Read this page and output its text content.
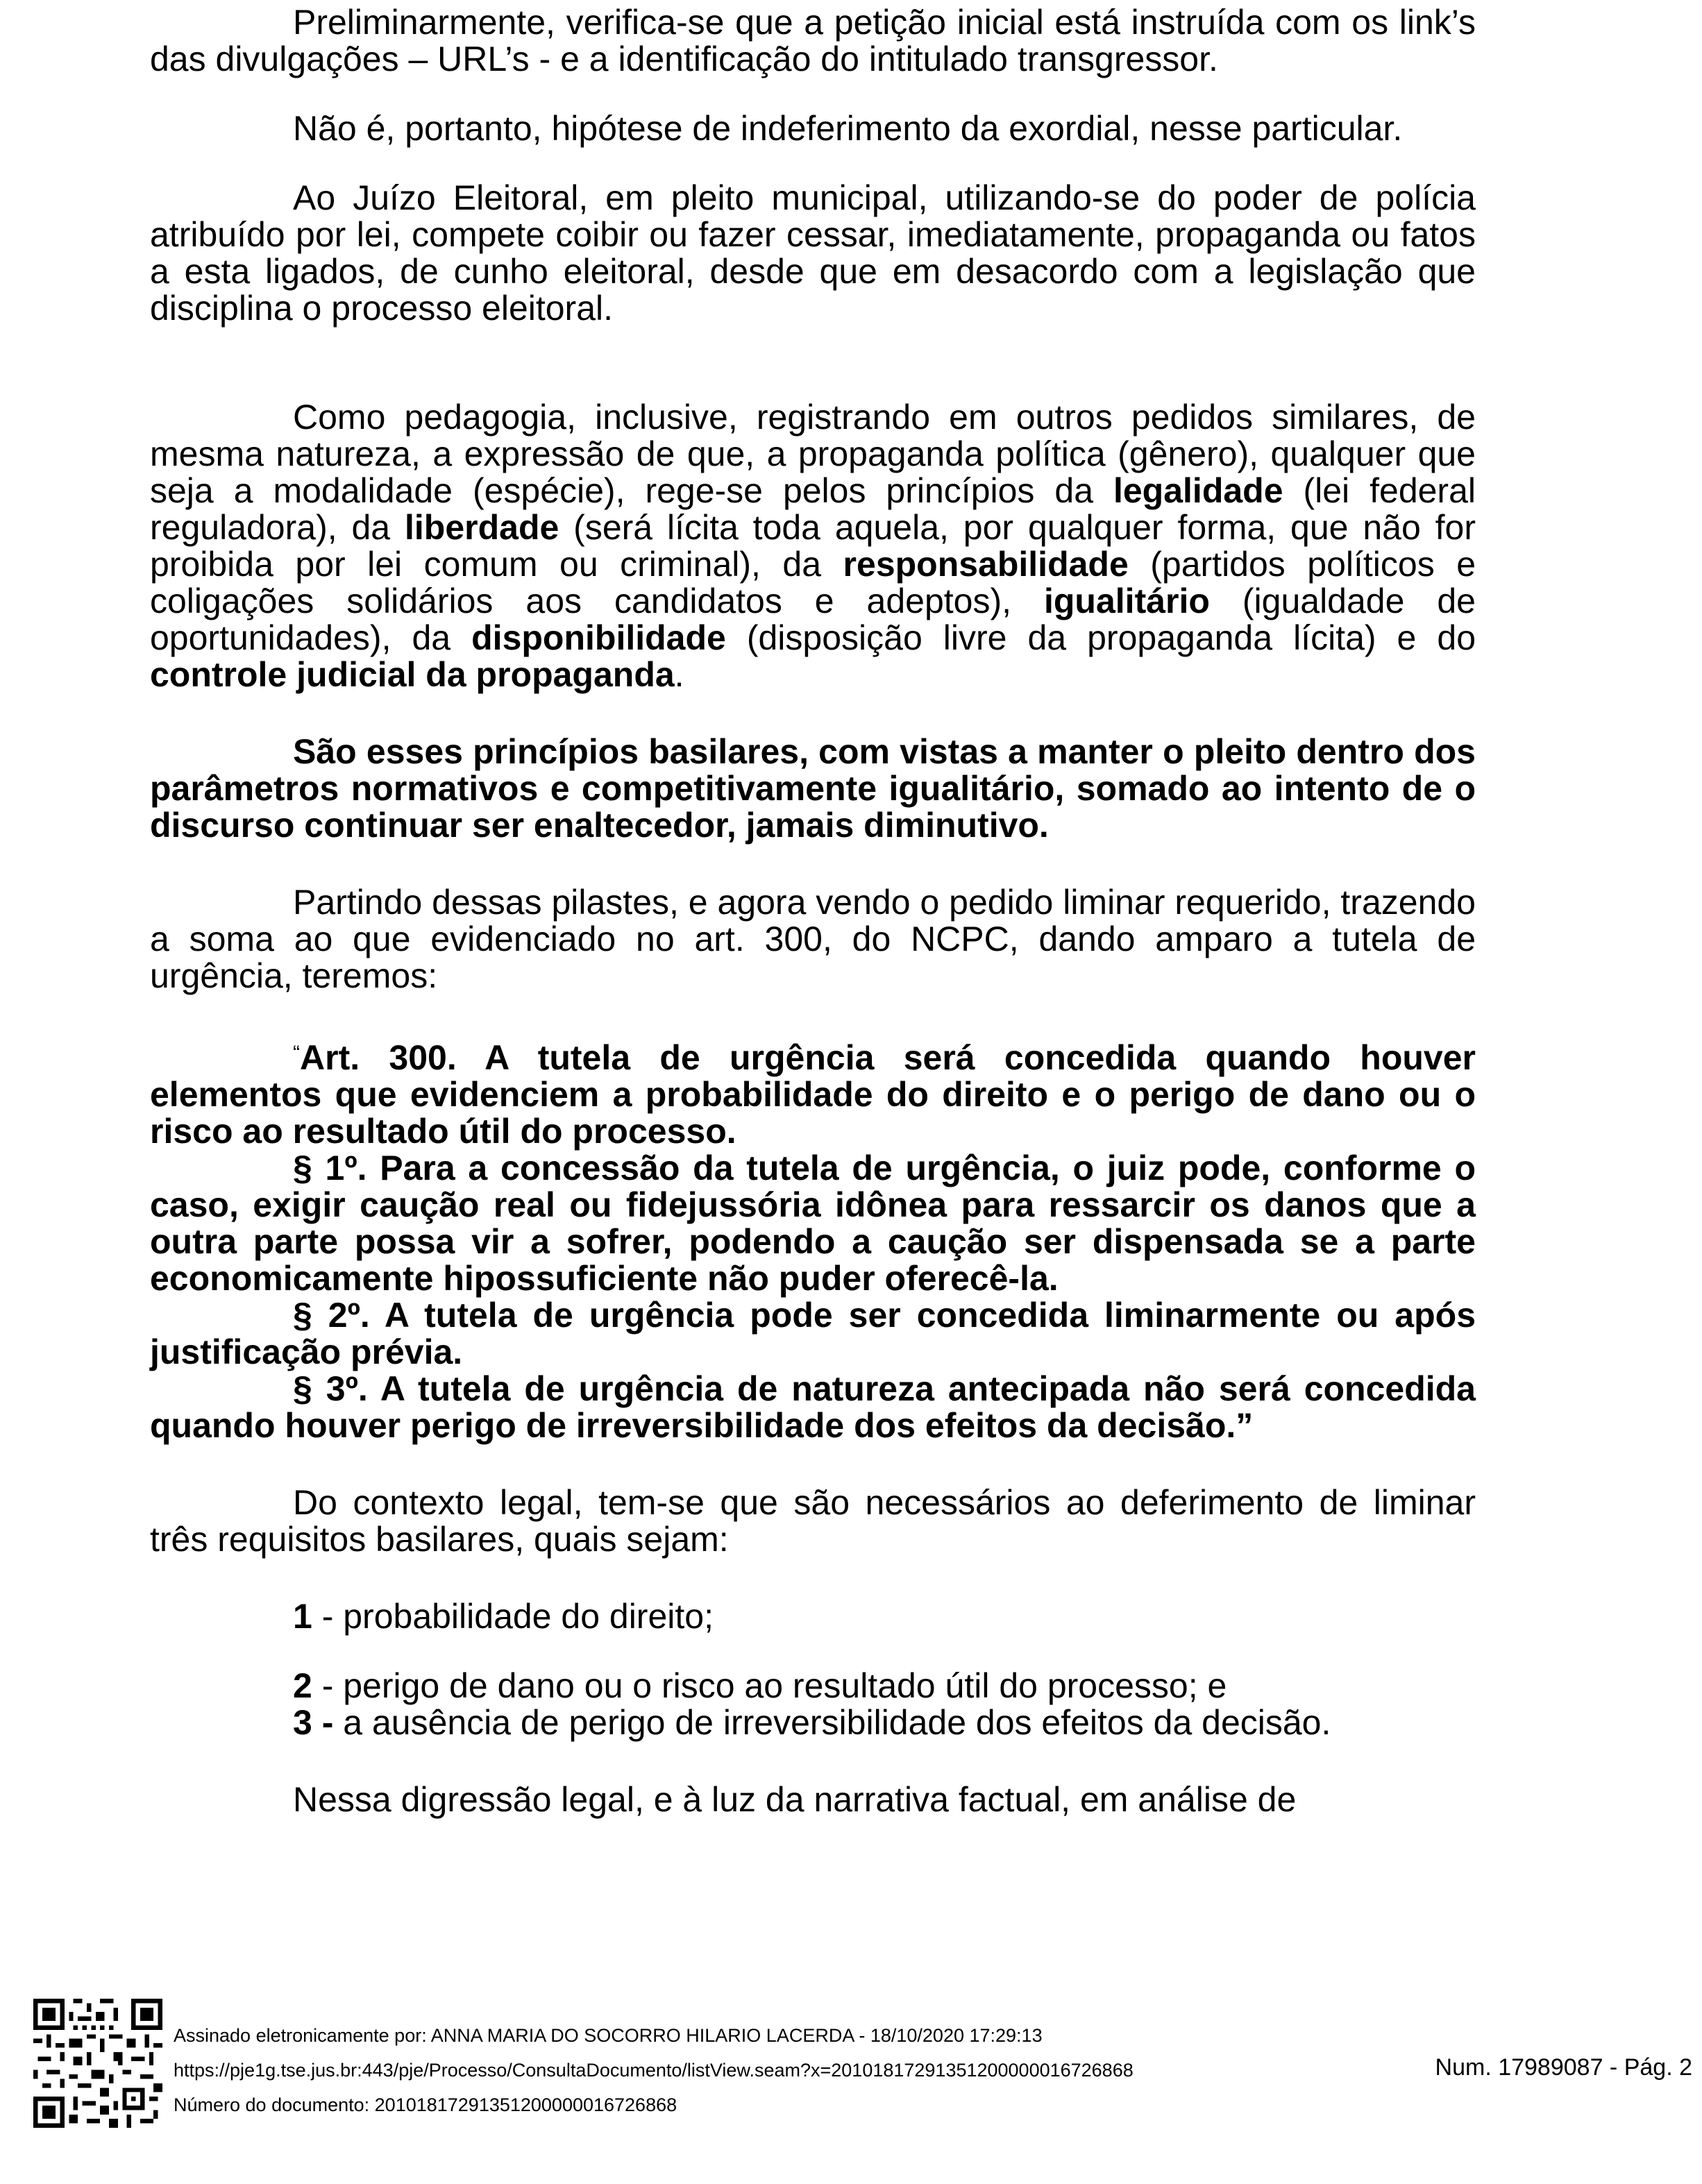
Preliminarmente, verifica-se que a petição inicial está instruída com os link’s das divulgações – URL’s - e a identificação do intitulado transgressor.

Não é, portanto, hipótese de indeferimento da exordial, nesse particular.

Ao Juízo Eleitoral, em pleito municipal, utilizando-se do poder de polícia atribuído por lei, compete coibir ou fazer cessar, imediatamente, propaganda ou fatos a esta ligados, de cunho eleitoral, desde que em desacordo com a legislação que disciplina o processo eleitoral.

Como pedagogia, inclusive, registrando em outros pedidos similares, de mesma natureza, a expressão de que, a propaganda política (gênero), qualquer que seja a modalidade (espécie), rege-se pelos princípios da legalidade (lei federal reguladora), da liberdade (será lícita toda aquela, por qualquer forma, que não for proibida por lei comum ou criminal), da responsabilidade (partidos políticos e coligações solidários aos candidatos e adeptos), igualitário (igualdade de oportunidades), da disponibilidade (disposição livre da propaganda lícita) e do controle judicial da propaganda.

São esses princípios basilares, com vistas a manter o pleito dentro dos parâmetros normativos e competitivamente igualitário, somado ao intento de o discurso continuar ser enaltecedor, jamais diminutivo.

Partindo dessas pilastes, e agora vendo o pedido liminar requerido, trazendo a soma ao que evidenciado no art. 300, do NCPC, dando amparo a tutela de urgência, teremos:

“Art. 300. A tutela de urgência será concedida quando houver elementos que evidenciem a probabilidade do direito e o perigo de dano ou o risco ao resultado útil do processo.

§ 1º. Para a concessão da tutela de urgência, o juiz pode, conforme o caso, exigir caução real ou fidejussória idônea para ressarcir os danos que a outra parte possa vir a sofrer, podendo a caução ser dispensada se a parte economicamente hipossuficiente não puder oferecê-la.

§ 2º. A tutela de urgência pode ser concedida liminarmente ou após justificação prévia.

§ 3º. A tutela de urgência de natureza antecipada não será concedida quando houver perigo de irreversibilidade dos efeitos da decisão.”

Do contexto legal, tem-se que são necessários ao deferimento de liminar três requisitos basilares, quais sejam:

1 - probabilidade do direito;

2 - perigo de dano ou o risco ao resultado útil do processo; e

3 - a ausência de perigo de irreversibilidade dos efeitos da decisão.

Nessa digressão legal, e à luz da narrativa factual, em análise de

Assinado eletronicamente por: ANNA MARIA DO SOCORRO HILARIO LACERDA - 18/10/2020 17:29:13
https://pje1g.tse.jus.br:443/pje/Processo/ConsultaDocumento/listView.seam?x=20101817291351200000016726868
Número do documento: 20101817291351200000016726868
Num. 17989087 - Pág. 2
